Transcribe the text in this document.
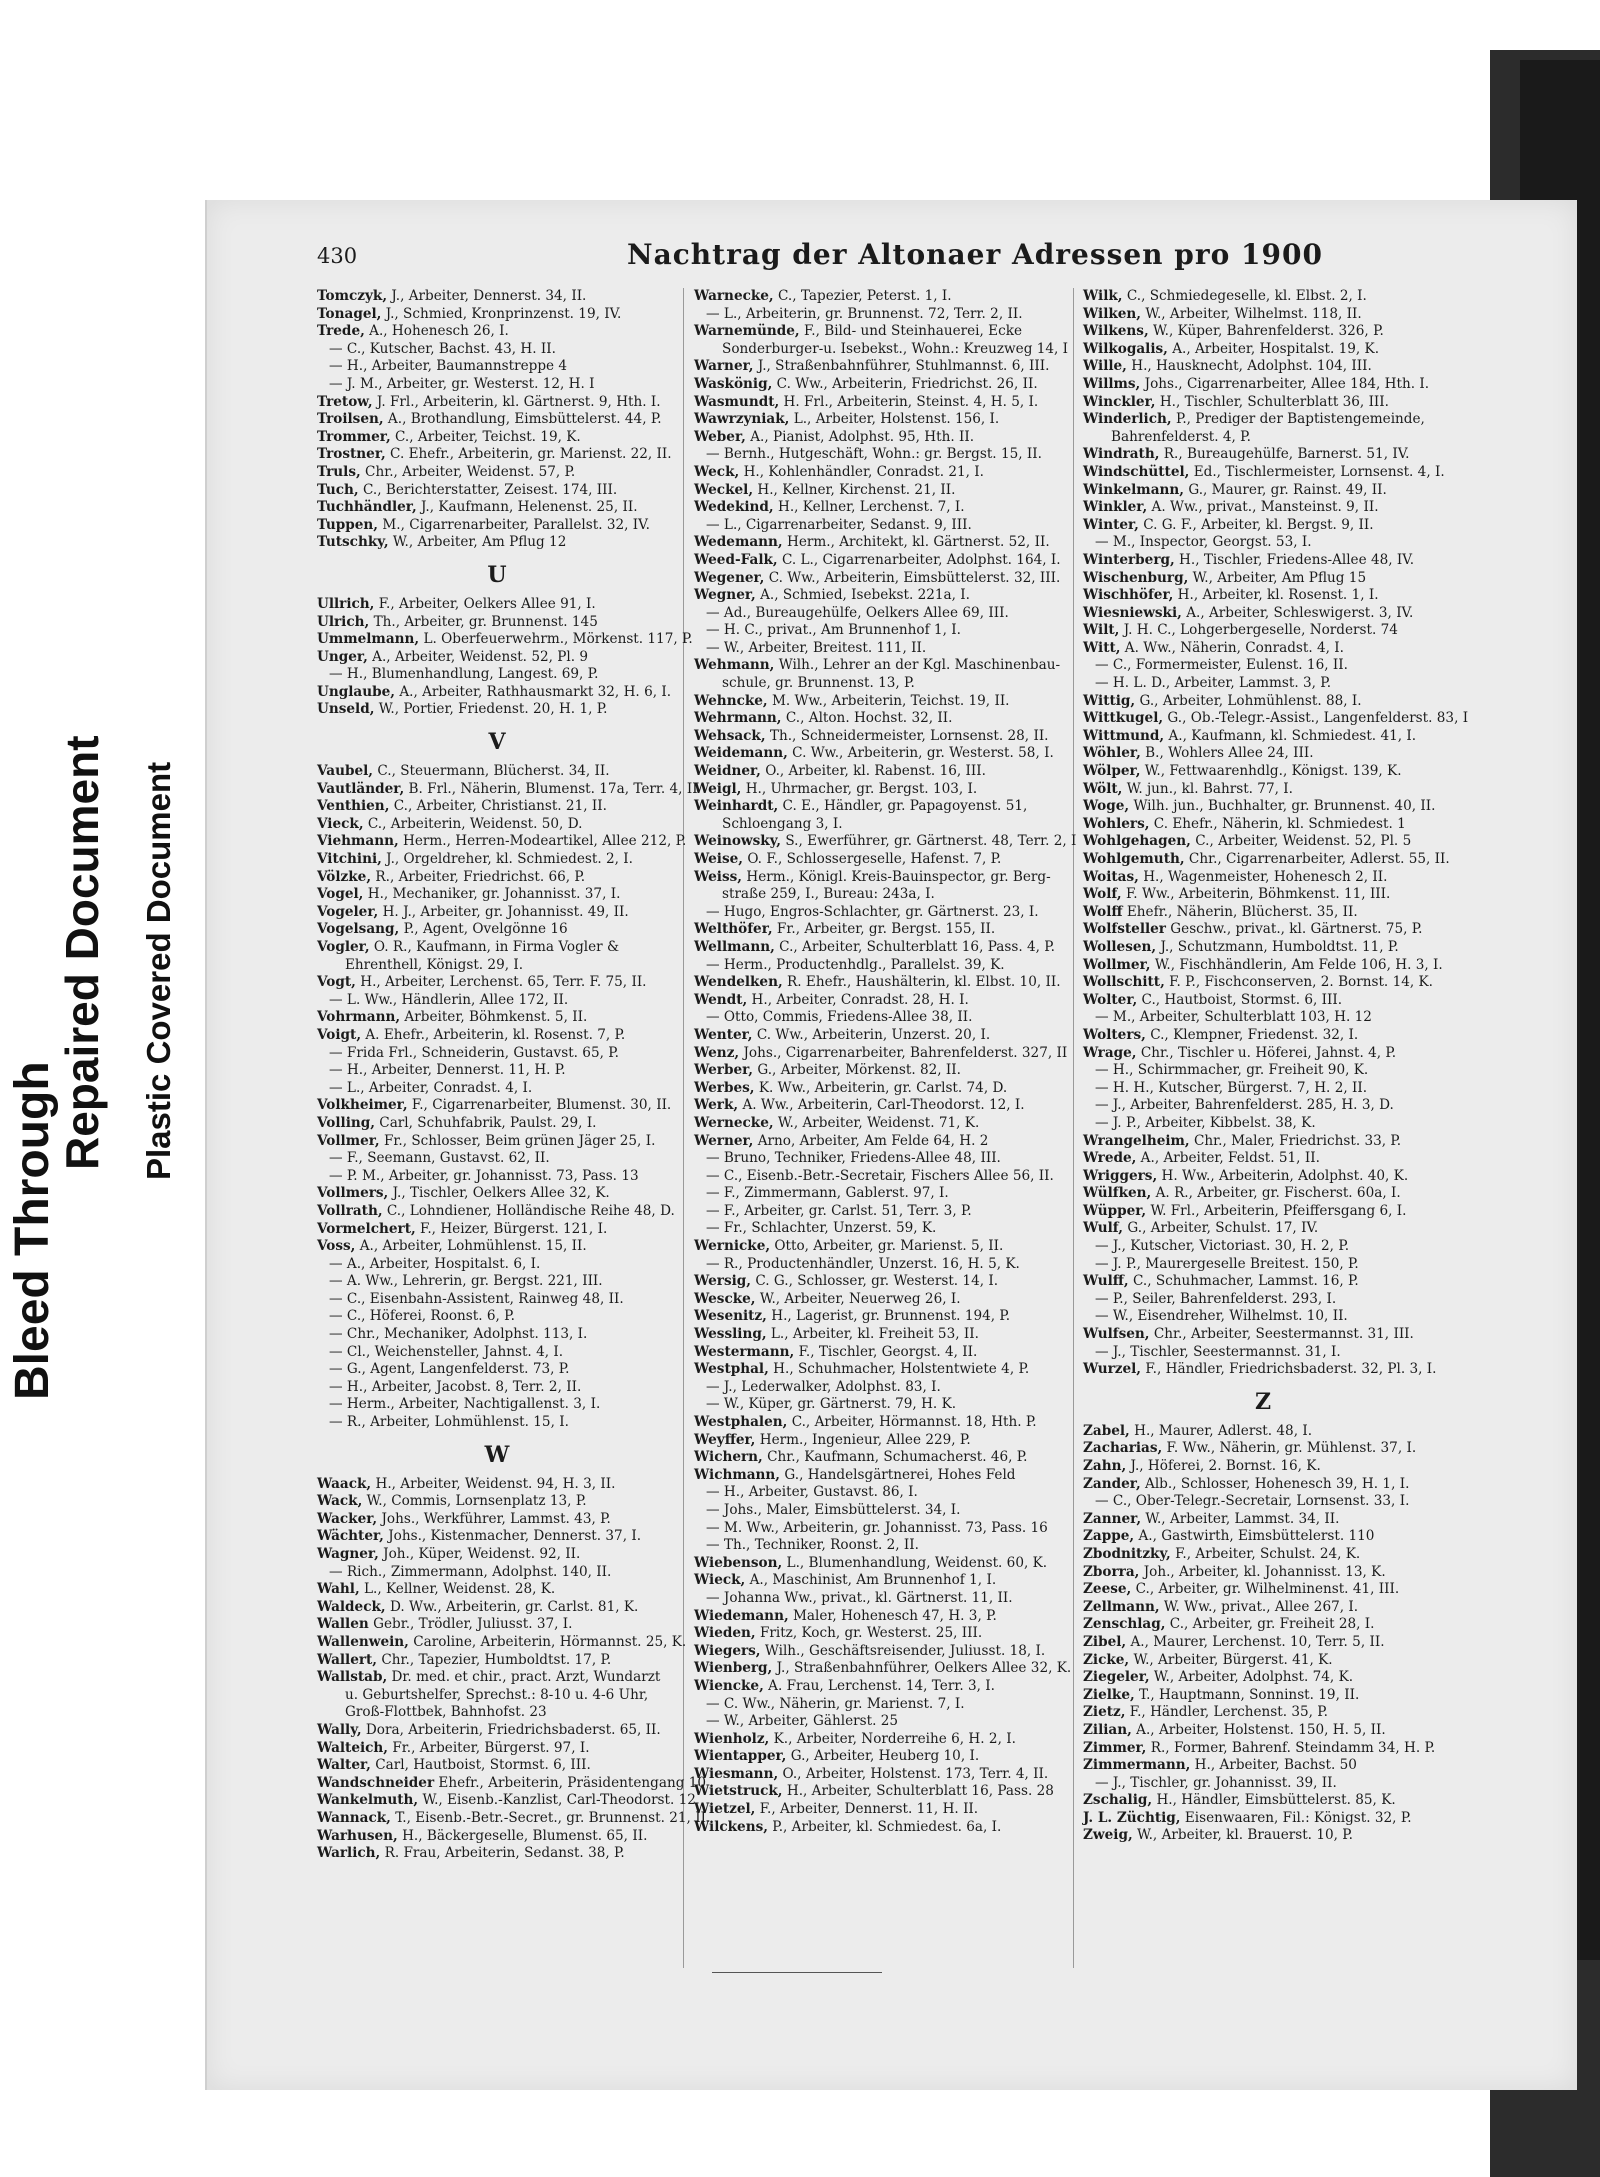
Bleed Through
Repaired Document Plastic Covered Document
430	Nachtrag der Altonaer Adressen pro 1900
Tomczyk, J., Arbeiter, Dennerst. 34, II.
Tonagel, J., Schmied, Kronprinzenst. 19, IV.
Trede, A., Hohenesch 26, I.
— C., Kutscher, Bachst. 43, H. II.
— H., Arbeiter, Baumannstreppe 4
— J. M., Arbeiter, gr. Westerst. 12, H. I
Tretow, J. Frl., Arbeiterin, kl. Gärtnerst. 9, Hth. I.
Troilsen, A., Brothandlung, Eimsbüttelerst. 44, P.
Trommer, C., Arbeiter, Teichst. 19, K.
Trostner, C. Ehefr., Arbeiterin, gr. Marienst. 22, II.
Truls, Chr., Arbeiter, Weidenst. 57, P.
Tuch, C., Berichterstatter, Zeisest. 174, III.
Tuchhändler, J., Kaufmann, Helenenst. 25, II.
Tuppen, M., Cigarrenarbeiter, Parallelst. 32, IV.
Tutschky, W., Arbeiter, Am Pflug 12
U
Ullrich, F., Arbeiter, Oelkers Allee 91, I.
Ulrich, Th., Arbeiter, gr. Brunnenst. 145
Ummelmann, L. Oberfeuerwehrm., Mörkenst. 117, P.
Unger, A., Arbeiter, Weidenst. 52, Pl. 9
— H., Blumenhandlung, Langest. 69, P.
Unglaube, A., Arbeiter, Rathhausmarkt 32, H. 6, I.
Unseld, W., Portier, Friedenst. 20, H. 1, P.
V
Vaubel, C., Steuermann, Blücherst. 34, II.
Vautländer, B. Frl., Näherin, Blumenst. 17a, Terr. 4, II
Venthien, C., Arbeiter, Christianst. 21, II.
Vieck, C., Arbeiterin, Weidenst. 50, D.
Viehmann, Herm., Herren-Modeartikel, Allee 212, P.
Vitchini, J., Orgeldreher, kl. Schmiedest. 2, I.
Völzke, R., Arbeiter, Friedrichst. 66, P.
Vogel, H., Mechaniker, gr. Johannisst. 37, I.
Vogeler, H. J., Arbeiter, gr. Johannisst. 49, II.
Vogelsang, P., Agent, Ovelgönne 16
Vogler, O. R., Kaufmann, in Firma Vogler &
Ehrenthell, Königst. 29, I.
Vogt, H., Arbeiter, Lerchenst. 65, Terr. F. 75, II.
— L. Ww., Händlerin, Allee 172, II.
Vohrmann, Arbeiter, Böhmkenst. 5, II.
Voigt, A. Ehefr., Arbeiterin, kl. Rosenst. 7, P.
— Frida Frl., Schneiderin, Gustavst. 65, P.
— H., Arbeiter, Dennerst. 11, H. P.
— L., Arbeiter, Conradst. 4, I.
Volkheimer, F., Cigarrenarbeiter, Blumenst. 30, II.
Volling, Carl, Schuhfabrik, Paulst. 29, I.
Vollmer, Fr., Schlosser, Beim grünen Jäger 25, I.
— F., Seemann, Gustavst. 62, II.
— P. M., Arbeiter, gr. Johannisst. 73, Pass. 13
Vollmers, J., Tischler, Oelkers Allee 32, K.
Vollrath, C., Lohndiener, Holländische Reihe 48, D.
Vormelchert, F., Heizer, Bürgerst. 121, I.
Voss, A., Arbeiter, Lohmühlenst. 15, II.
— A., Arbeiter, Hospitalst. 6, I.
— A. Ww., Lehrerin, gr. Bergst. 221, III.
— C., Eisenbahn-Assistent, Rainweg 48, II.
— C., Höferei, Roonst. 6, P.
— Chr., Mechaniker, Adolphst. 113, I.
— Cl., Weichensteller, Jahnst. 4, I.
— G., Agent, Langenfelderst. 73, P.
— H., Arbeiter, Jacobst. 8, Terr. 2, II.
— Herm., Arbeiter, Nachtigallenst. 3, I.
— R., Arbeiter, Lohmühlenst. 15, I.
W
Waack, H., Arbeiter, Weidenst. 94, H. 3, II.
Wack, W., Commis, Lornsenplatz 13, P.
Wacker, Johs., Werkführer, Lammst. 43, P.
Wächter, Johs., Kistenmacher, Dennerst. 37, I.
Wagner, Joh., Küper, Weidenst. 92, II.
— Rich., Zimmermann, Adolphst. 140, II.
Wahl, L., Kellner, Weidenst. 28, K.
Waldeck, D. Ww., Arbeiterin, gr. Carlst. 81, K.
Wallen Gebr., Trödler, Juliusst. 37, I.
Wallenwein, Caroline, Arbeiterin, Hörmannst. 25, K.
Wallert, Chr., Tapezier, Humboldtst. 17, P.
Wallstab, Dr. med. et chir., pract. Arzt, Wundarzt
u. Geburtshelfer, Sprechst.: 8-10 u. 4-6 Uhr,
Groß-Flottbek, Bahnhofst. 23
Wally, Dora, Arbeiterin, Friedrichsbaderst. 65, II.
Walteich, Fr., Arbeiter, Bürgerst. 97, I.
Walter, Carl, Hautboist, Stormst. 6, III.
Wandschneider Ehefr., Arbeiterin, Präsidentengang 10
Wankelmuth, W., Eisenb.-Kanzlist, Carl-Theodorst. 12
Wannack, T., Eisenb.-Betr.-Secret., gr. Brunnenst. 21, II.
Warhusen, H., Bäckergeselle, Blumenst. 65, II.
Warlich, R. Frau, Arbeiterin, Sedanst. 38, P.
Warnecke, C., Tapezier, Peterst. 1, I.
— L., Arbeiterin, gr. Brunnenst. 72, Terr. 2, II.
Warnemünde, F., Bild- und Steinhauerei, Ecke
Sonderburger-u. Isebekst., Wohn.: Kreuzweg 14, I
Warner, J., Straßenbahnführer, Stuhlmannst. 6, III.
Waskönig, C. Ww., Arbeiterin, Friedrichst. 26, II.
Wasmundt, H. Frl., Arbeiterin, Steinst. 4, H. 5, I.
Wawrzyniak, L., Arbeiter, Holstenst. 156, I.
Weber, A., Pianist, Adolphst. 95, Hth. II.
— Bernh., Hutgeschäft, Wohn.: gr. Bergst. 15, II.
Weck, H., Kohlenhändler, Conradst. 21, I.
Weckel, H., Kellner, Kirchenst. 21, II.
Wedekind, H., Kellner, Lerchenst. 7, I.
— L., Cigarrenarbeiter, Sedanst. 9, III.
Wedemann, Herm., Architekt, kl. Gärtnerst. 52, II.
Weed-Falk, C. L., Cigarrenarbeiter, Adolphst. 164, I.
Wegener, C. Ww., Arbeiterin, Eimsbüttelerst. 32, III.
Wegner, A., Schmied, Isebekst. 221a, I.
— Ad., Bureaugehülfe, Oelkers Allee 69, III.
— H. C., privat., Am Brunnenhof 1, I.
— W., Arbeiter, Breitest. 111, II.
Wehmann, Wilh., Lehrer an der Kgl. Maschinenbau-
schule, gr. Brunnenst. 13, P.
Wehncke, M. Ww., Arbeiterin, Teichst. 19, II.
Wehrmann, C., Alton. Hochst. 32, II.
Wehsack, Th., Schneidermeister, Lornsenst. 28, II.
Weidemann, C. Ww., Arbeiterin, gr. Westerst. 58, I.
Weidner, O., Arbeiter, kl. Rabenst. 16, III.
Weigl, H., Uhrmacher, gr. Bergst. 103, I.
Weinhardt, C. E., Händler, gr. Papagoyenst. 51,
Schloengang 3, I.
Weinowsky, S., Ewerführer, gr. Gärtnerst. 48, Terr. 2, I
Weise, O. F., Schlossergeselle, Hafenst. 7, P.
Weiss, Herm., Königl. Kreis-Bauinspector, gr. Berg-
straße 259, I., Bureau: 243a, I.
— Hugo, Engros-Schlachter, gr. Gärtnerst. 23, I.
Welthöfer, Fr., Arbeiter, gr. Bergst. 155, II.
Wellmann, C., Arbeiter, Schulterblatt 16, Pass. 4, P.
— Herm., Productenhdlg., Parallelst. 39, K.
Wendelken, R. Ehefr., Haushälterin, kl. Elbst. 10, II.
Wendt, H., Arbeiter, Conradst. 28, H. I.
— Otto, Commis, Friedens-Allee 38, II.
Wenter, C. Ww., Arbeiterin, Unzerst. 20, I.
Wenz, Johs., Cigarrenarbeiter, Bahrenfelderst. 327, II
Werber, G., Arbeiter, Mörkenst. 82, II.
Werbes, K. Ww., Arbeiterin, gr. Carlst. 74, D.
Werk, A. Ww., Arbeiterin, Carl-Theodorst. 12, I.
Wernecke, W., Arbeiter, Weidenst. 71, K.
Werner, Arno, Arbeiter, Am Felde 64, H. 2
— Bruno, Techniker, Friedens-Allee 48, III.
— C., Eisenb.-Betr.-Secretair, Fischers Allee 56, II.
— F., Zimmermann, Gablerst. 97, I.
— F., Arbeiter, gr. Carlst. 51, Terr. 3, P.
— Fr., Schlachter, Unzerst. 59, K.
Wernicke, Otto, Arbeiter, gr. Marienst. 5, II.
— R., Productenhändler, Unzerst. 16, H. 5, K.
Wersig, C. G., Schlosser, gr. Westerst. 14, I.
Wescke, W., Arbeiter, Neuerweg 26, I.
Wesenitz, H., Lagerist, gr. Brunnenst. 194, P.
Wessling, L., Arbeiter, kl. Freiheit 53, II.
Westermann, F., Tischler, Georgst. 4, II.
Westphal, H., Schuhmacher, Holstentwiete 4, P.
— J., Lederwalker, Adolphst. 83, I.
— W., Küper, gr. Gärtnerst. 79, H. K.
Westphalen, C., Arbeiter, Hörmannst. 18, Hth. P.
Weyffer, Herm., Ingenieur, Allee 229, P.
Wichern, Chr., Kaufmann, Schumacherst. 46, P.
Wichmann, G., Handelsgärtnerei, Hohes Feld
— H., Arbeiter, Gustavst. 86, I.
— Johs., Maler, Eimsbüttelerst. 34, I.
— M. Ww., Arbeiterin, gr. Johannisst. 73, Pass. 16
— Th., Techniker, Roonst. 2, II.
Wiebenson, L., Blumenhandlung, Weidenst. 60, K.
Wieck, A., Maschinist, Am Brunnenhof 1, I.
— Johanna Ww., privat., kl. Gärtnerst. 11, II.
Wiedemann, Maler, Hohenesch 47, H. 3, P.
Wieden, Fritz, Koch, gr. Westerst. 25, III.
Wiegers, Wilh., Geschäftsreisender, Juliusst. 18, I.
Wienberg, J., Straßenbahnführer, Oelkers Allee 32, K.
Wiencke, A. Frau, Lerchenst. 14, Terr. 3, I.
— C. Ww., Näherin, gr. Marienst. 7, I.
— W., Arbeiter, Gählerst. 25
Wienholz, K., Arbeiter, Norderreihe 6, H. 2, I.
Wientapper, G., Arbeiter, Heuberg 10, I.
Wiesmann, O., Arbeiter, Holstenst. 173, Terr. 4, II.
Wietstruck, H., Arbeiter, Schulterblatt 16, Pass. 28
Wietzel, F., Arbeiter, Dennerst. 11, H. II.
Wilckens, P., Arbeiter, kl. Schmiedest. 6a, I.
Wilk, C., Schmiedegeselle, kl. Elbst. 2, I.
Wilken, W., Arbeiter, Wilhelmst. 118, II.
Wilkens, W., Küper, Bahrenfelderst. 326, P.
Wilkogalis, A., Arbeiter, Hospitalst. 19, K.
Wille, H., Hausknecht, Adolphst. 104, III.
Willms, Johs., Cigarrenarbeiter, Allee 184, Hth. I.
Winckler, H., Tischler, Schulterblatt 36, III.
Winderlich, P., Prediger der Baptistengemeinde,
Bahrenfelderst. 4, P.
Windrath, R., Bureaugehülfe, Barnerst. 51, IV.
Windschüttel, Ed., Tischlermeister, Lornsenst. 4, I.
Winkelmann, G., Maurer, gr. Rainst. 49, II.
Winkler, A. Ww., privat., Mansteinst. 9, II.
Winter, C. G. F., Arbeiter, kl. Bergst. 9, II.
— M., Inspector, Georgst. 53, I.
Winterberg, H., Tischler, Friedens-Allee 48, IV.
Wischenburg, W., Arbeiter, Am Pflug 15
Wischhöfer, H., Arbeiter, kl. Rosenst. 1, I.
Wiesniewski, A., Arbeiter, Schleswigerst. 3, IV.
Wilt, J. H. C., Lohgerbergeselle, Norderst. 74
Witt, A. Ww., Näherin, Conradst. 4, I.
— C., Formermeister, Eulenst. 16, II.
— H. L. D., Arbeiter, Lammst. 3, P.
Wittig, G., Arbeiter, Lohmühlenst. 88, I.
Wittkugel, G., Ob.-Telegr.-Assist., Langenfelderst. 83, I
Wittmund, A., Kaufmann, kl. Schmiedest. 41, I.
Wöhler, B., Wohlers Allee 24, III.
Wölper, W., Fettwaarenhdlg., Königst. 139, K.
Wölt, W. jun., kl. Bahrst. 77, I.
Woge, Wilh. jun., Buchhalter, gr. Brunnenst. 40, II.
Wohlers, C. Ehefr., Näherin, kl. Schmiedest. 1
Wohlgehagen, C., Arbeiter, Weidenst. 52, Pl. 5
Wohlgemuth, Chr., Cigarrenarbeiter, Adlerst. 55, II.
Woitas, H., Wagenmeister, Hohenesch 2, II.
Wolf, F. Ww., Arbeiterin, Böhmkenst. 11, III.
Wolff Ehefr., Näherin, Blücherst. 35, II.
Wolfsteller Geschw., privat., kl. Gärtnerst. 75, P.
Wollesen, J., Schutzmann, Humboldtst. 11, P.
Wollmer, W., Fischhändlerin, Am Felde 106, H. 3, I.
Wollschitt, F. P., Fischconserven, 2. Bornst. 14, K.
Wolter, C., Hautboist, Stormst. 6, III.
— M., Arbeiter, Schulterblatt 103, H. 12
Wolters, C., Klempner, Friedenst. 32, I.
Wrage, Chr., Tischler u. Höferei, Jahnst. 4, P.
— H., Schirmmacher, gr. Freiheit 90, K.
— H. H., Kutscher, Bürgerst. 7, H. 2, II.
— J., Arbeiter, Bahrenfelderst. 285, H. 3, D.
— J. P., Arbeiter, Kibbelst. 38, K.
Wrangelheim, Chr., Maler, Friedrichst. 33, P.
Wrede, A., Arbeiter, Feldst. 51, II.
Wriggers, H. Ww., Arbeiterin, Adolphst. 40, K.
Wülfken, A. R., Arbeiter, gr. Fischerst. 60a, I.
Wüpper, W. Frl., Arbeiterin, Pfeiffersgang 6, I.
Wulf, G., Arbeiter, Schulst. 17, IV.
— J., Kutscher, Victoriast. 30, H. 2, P.
— J. P., Maurergeselle Breitest. 150, P.
Wulff, C., Schuhmacher, Lammst. 16, P.
— P., Seiler, Bahrenfelderst. 293, I.
— W., Eisendreher, Wilhelmst. 10, II.
Wulfsen, Chr., Arbeiter, Seestermannst. 31, III.
— J., Tischler, Seestermannst. 31, I.
Wurzel, F., Händler, Friedrichsbaderst. 32, Pl. 3, I.
Z
Zabel, H., Maurer, Adlerst. 48, I.
Zacharias, F. Ww., Näherin, gr. Mühlenst. 37, I.
Zahn, J., Höferei, 2. Bornst. 16, K.
Zander, Alb., Schlosser, Hohenesch 39, H. 1, I.
— C., Ober-Telegr.-Secretair, Lornsenst. 33, I.
Zanner, W., Arbeiter, Lammst. 34, II.
Zappe, A., Gastwirth, Eimsbüttelerst. 110
Zbodnitzky, F., Arbeiter, Schulst. 24, K.
Zborra, Joh., Arbeiter, kl. Johannisst. 13, K.
Zeese, C., Arbeiter, gr. Wilhelminenst. 41, III.
Zellmann, W. Ww., privat., Allee 267, I.
Zenschlag, C., Arbeiter, gr. Freiheit 28, I.
Zibel, A., Maurer, Lerchenst. 10, Terr. 5, II.
Zicke, W., Arbeiter, Bürgerst. 41, K.
Ziegeler, W., Arbeiter, Adolphst. 74, K.
Zielke, T., Hauptmann, Sonninst. 19, II.
Zietz, F., Händler, Lerchenst. 35, P.
Zilian, A., Arbeiter, Holstenst. 150, H. 5, II.
Zimmer, R., Former, Bahrenf. Steindamm 34, H. P.
Zimmermann, H., Arbeiter, Bachst. 50
— J., Tischler, gr. Johannisst. 39, II.
Zschalig, H., Händler, Eimsbüttelerst. 85, K.
J. L. Züchtig, Eisenwaaren, Fil.: Königst. 32, P.
Zweig, W., Arbeiter, kl. Brauerst. 10, P.
